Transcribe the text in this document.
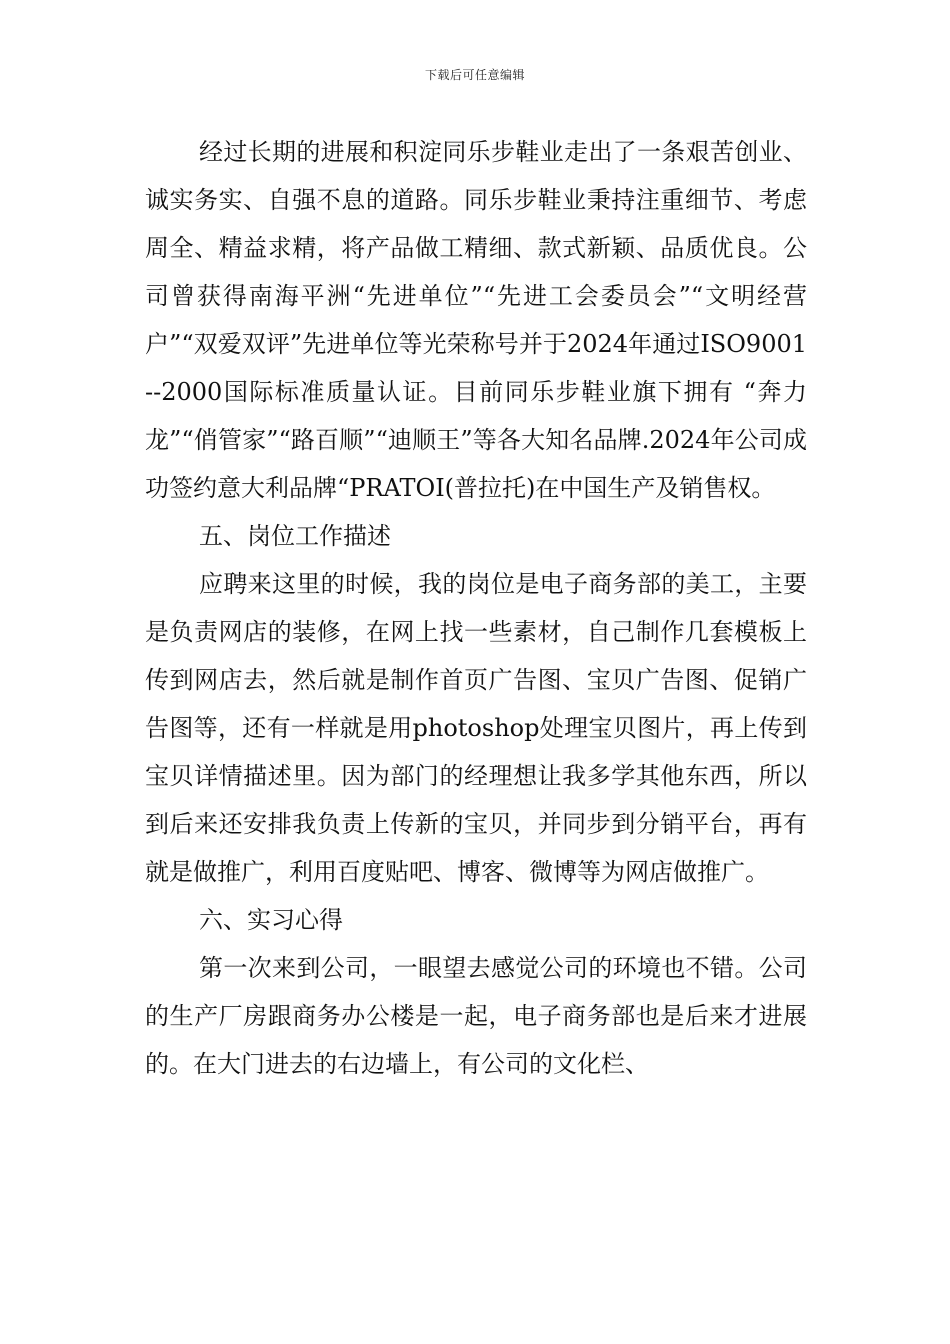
下载后可任意编辑

经过长期的进展和积淀同乐步鞋业走出了一条艰苦创业、诚实务实、自强不息的道路。同乐步鞋业秉持注重细节、考虑周全、精益求精，将产品做工精细、款式新颖、品质优良。公司曾获得南海平洲“先进单位”“先进工会委员会”“文明经营户”“双爱双评”先进单位等光荣称号并于2024年通过ISO9001--2000国际标准质量认证。目前同乐步鞋业旗下拥有 “奔力龙”“俏管家”“路百顺”“迪顺王”等各大知名品牌.2024年公司成功签约意大利品牌“PRATOI(普拉托)在中国生产及销售权。

五、岗位工作描述

应聘来这里的时候，我的岗位是电子商务部的美工，主要是负责网店的装修，在网上找一些素材，自己制作几套模板上传到网店去，然后就是制作首页广告图、宝贝广告图、促销广告图等，还有一样就是用photoshop处理宝贝图片，再上传到宝贝详情描述里。因为部门的经理想让我多学其他东西，所以到后来还安排我负责上传新的宝贝，并同步到分销平台，再有就是做推广，利用百度贴吧、博客、微博等为网店做推广。

六、实习心得

第一次来到公司，一眼望去感觉公司的环境也不错。公司的生产厂房跟商务办公楼是一起，电子商务部也是后来才进展的。在大门进去的右边墙上，有公司的文化栏、
